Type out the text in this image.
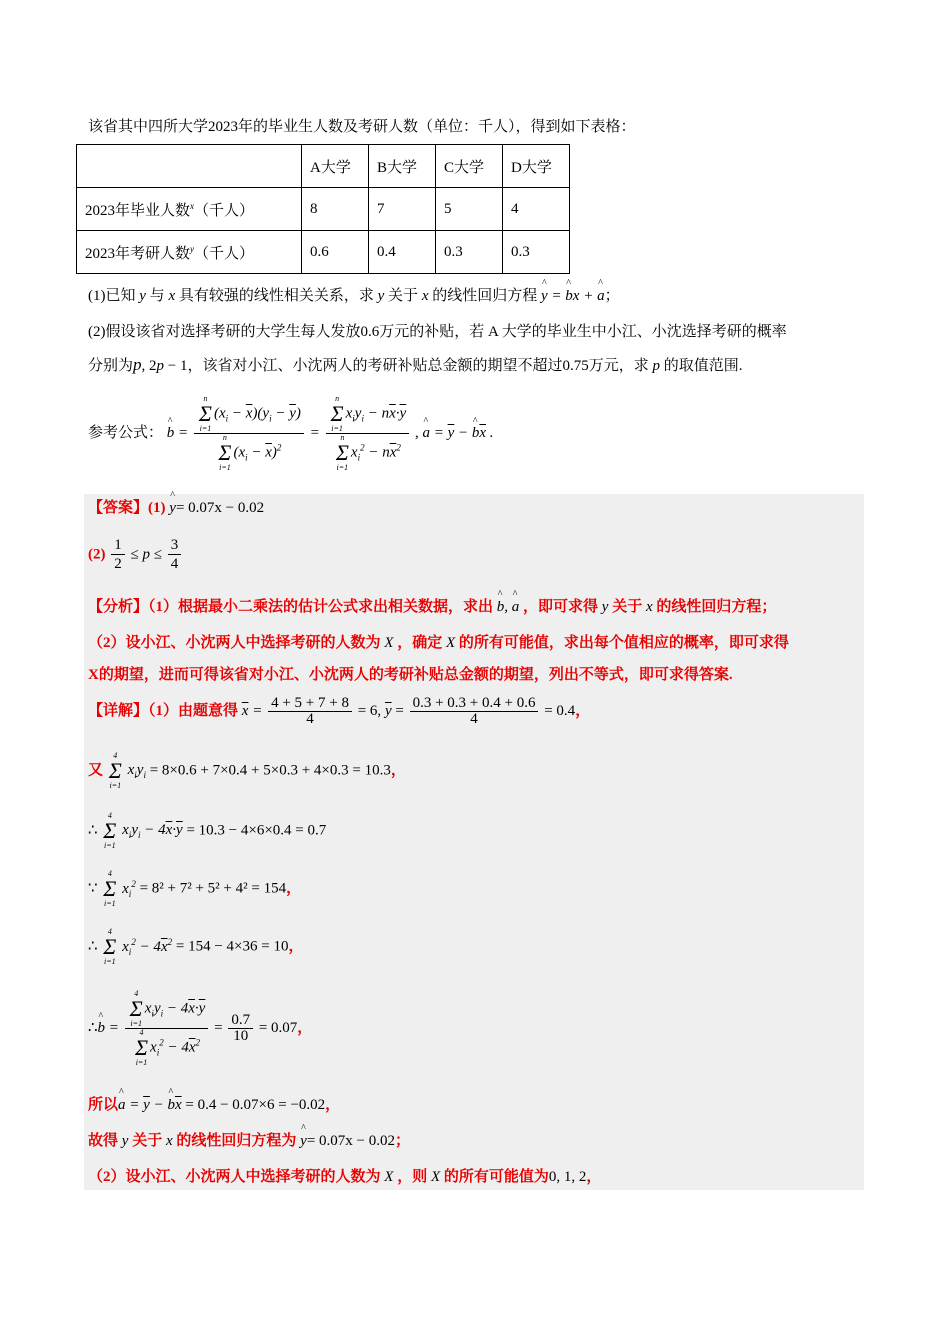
该省其中四所大学2023年的毕业生人数及考研人数（单位：千人），得到如下表格：
	A大学	B大学	C大学	D大学
2023年毕业人数$^x$（千人）	8	7	5	4
2023年考研人数$^y$（千人）	0.6	0.4	0.3	0.3
(1)已知 y 与 x 具有较强的线性相关关系，求 y 关于 x 的线性回归方程 ^ y = ^ bx + ^ a；
(2)假设该省对选择考研的大学生每人发放0.6万元的补贴，若 A 大学的毕业生中小江、小沈选择考研的概率
分别为p, 2p − 1，该省对小江、小沈两人的考研补贴总金额的期望不超过0.75万元，求 p 的取值范围.
参考公式： ^ b = n
Σ
i=1
$(x_i - \overline{x})(y_i - \overline{y})$
n
Σ
i=1
$(x_i - \overline{x})^2 = n$
Σ
i=1
$x_iy_i - n\overline{x}\cdot\overline{y}$
n
Σ
i=1
$x_i^2 - n\overline{x}^2$ , ^ $a = \overline{y}$ − ^ $b\overline{x}$ .
【答案】(1) ^ y= 0.07x − 0.02
$(2) \frac{1}{2} \le p \le \frac{3}{4}$
【分析】（1）根据最小二乘法的估计公式求出相关数据，求出 ^ b, ^ a ，即可求得 y 关于 x 的线性回归方程；
（2）设小江、小沈两人中选择考研的人数为 X ，确定 X 的所有可能值，求出每个值相应的概率，即可求得
X的期望，进而可得该省对小江、小沈两人的考研补贴总金额的期望，列出不等式，即可求得答案.
【详解】（1）由题意得 $\overline{x} = \frac{4 + 5 + 7 + 8}{4} = 6$, $\overline{y} = \frac{0.3 + 0.3 + 0.4 + 0.6}{4} = 0.4$，
又
4
Σ
i=1
$x_iy_i = 8\times 0.6 + 7\times 0.4 + 5\times 0.3 + 4\times 0.3 = 10.3$，
∴
4
Σ
i=1
$x_iy_i - 4\overline{x}\cdot\overline{y} = 10.3 - 4\times 6\times 0.4 = 0.7$
∵
4
Σ
i=1
$x_i^2 = 8^2 + 7^2 + 5^2 + 4^2 = 154$，
∴
4
Σ
i=1
$x_i^2 - 4\overline{x}^2 = 154 - 4\times 36 = 10$，
∴^ b = 4
Σ
i=1
$x_iy_i - 4\overline{x}\cdot\overline{y}$
4
Σ
i=1
$x_i^2 - 4\overline{x}^2 = \frac{0.7}{10} = 0.07$，
所以^ $a = \overline{y}$ − ^ $b\overline{x} = 0.4 - 0.07\times 6 = -0.02$，
故得 y 关于 x 的线性回归方程为 ^ y= 0.07x − 0.02；
（2）设小江、小沈两人中选择考研的人数为 X ，则 X 的所有可能值为0, 1, 2，
